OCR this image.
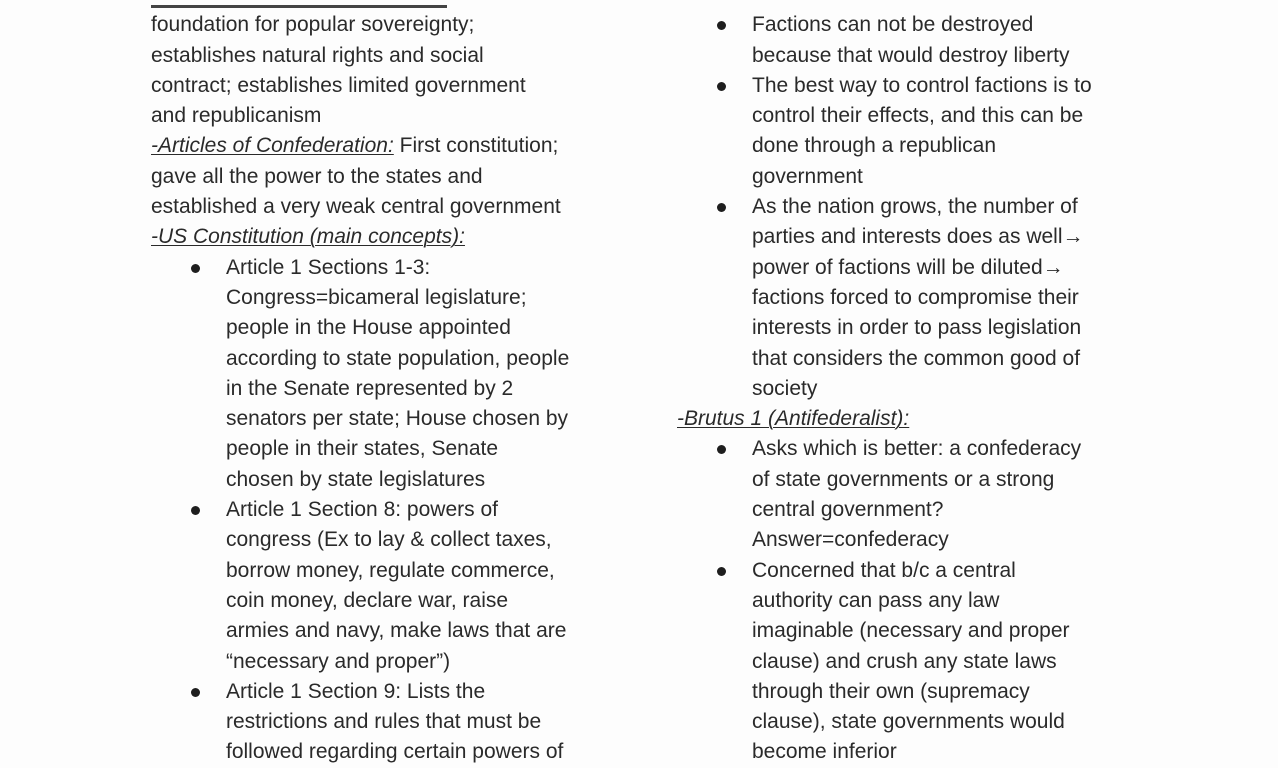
foundation for popular sovereignty;
establishes natural rights and social
contract; establishes limited government
and republicanism
-Articles of Confederation: First constitution;
gave all the power to the states and
established a very weak central government
-US Constitution (main concepts):
Article 1 Sections 1-3:
Congress=bicameral legislature;
people in the House appointed
according to state population, people
in the Senate represented by 2
senators per state; House chosen by
people in their states, Senate
chosen by state legislatures
Article 1 Section 8: powers of
congress (Ex to lay & collect taxes,
borrow money, regulate commerce,
coin money, declare war, raise
armies and navy, make laws that are
“necessary and proper”)
Article 1 Section 9: Lists the
restrictions and rules that must be
followed regarding certain powers of
Factions can not be destroyed
because that would destroy liberty
The best way to control factions is to
control their effects, and this can be
done through a republican
government
As the nation grows, the number of
parties and interests does as well→
power of factions will be diluted→
factions forced to compromise their
interests in order to pass legislation
that considers the common good of
society
-Brutus 1 (Antifederalist):
Asks which is better: a confederacy
of state governments or a strong
central government?
Answer=confederacy
Concerned that b/c a central
authority can pass any law
imaginable (necessary and proper
clause) and crush any state laws
through their own (supremacy
clause), state governments would
become inferior
